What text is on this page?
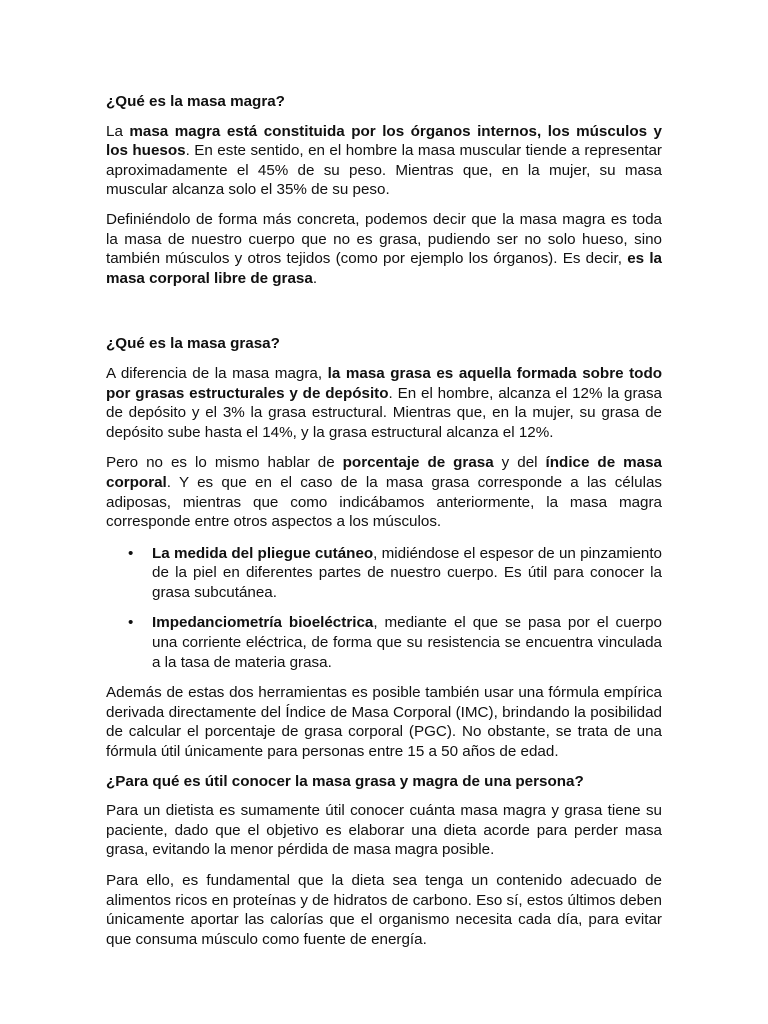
¿Qué es la masa magra?

La masa magra está constituida por los órganos internos, los músculos y los huesos. En este sentido, en el hombre la masa muscular tiende a representar aproximadamente el 45% de su peso. Mientras que, en la mujer, su masa muscular alcanza solo el 35% de su peso.

Definiéndolo de forma más concreta, podemos decir que la masa magra es toda la masa de nuestro cuerpo que no es grasa, pudiendo ser no solo hueso, sino también músculos y otros tejidos (como por ejemplo los órganos). Es decir, es la masa corporal libre de grasa.

¿Qué es la masa grasa?

A diferencia de la masa magra, la masa grasa es aquella formada sobre todo por grasas estructurales y de depósito. En el hombre, alcanza el 12% la grasa de depósito y el 3% la grasa estructural. Mientras que, en la mujer, su grasa de depósito sube hasta el 14%, y la grasa estructural alcanza el 12%.

Pero no es lo mismo hablar de porcentaje de grasa y del índice de masa corporal. Y es que en el caso de la masa grasa corresponde a las células adiposas, mientras que como indicábamos anteriormente, la masa magra corresponde entre otros aspectos a los músculos.

• La medida del pliegue cutáneo, midiéndose el espesor de un pinzamiento de la piel en diferentes partes de nuestro cuerpo. Es útil para conocer la grasa subcutánea.
• Impedanciometría bioeléctrica, mediante el que se pasa por el cuerpo una corriente eléctrica, de forma que su resistencia se encuentra vinculada a la tasa de materia grasa.

Además de estas dos herramientas es posible también usar una fórmula empírica derivada directamente del Índice de Masa Corporal (IMC), brindando la posibilidad de calcular el porcentaje de grasa corporal (PGC). No obstante, se trata de una fórmula útil únicamente para personas entre 15 a 50 años de edad.

¿Para qué es útil conocer la masa grasa y magra de una persona?

Para un dietista es sumamente útil conocer cuánta masa magra y grasa tiene su paciente, dado que el objetivo es elaborar una dieta acorde para perder masa grasa, evitando la menor pérdida de masa magra posible.

Para ello, es fundamental que la dieta sea tenga un contenido adecuado de alimentos ricos en proteínas y de hidratos de carbono. Eso sí, estos últimos deben únicamente aportar las calorías que el organismo necesita cada día, para evitar que consuma músculo como fuente de energía.
